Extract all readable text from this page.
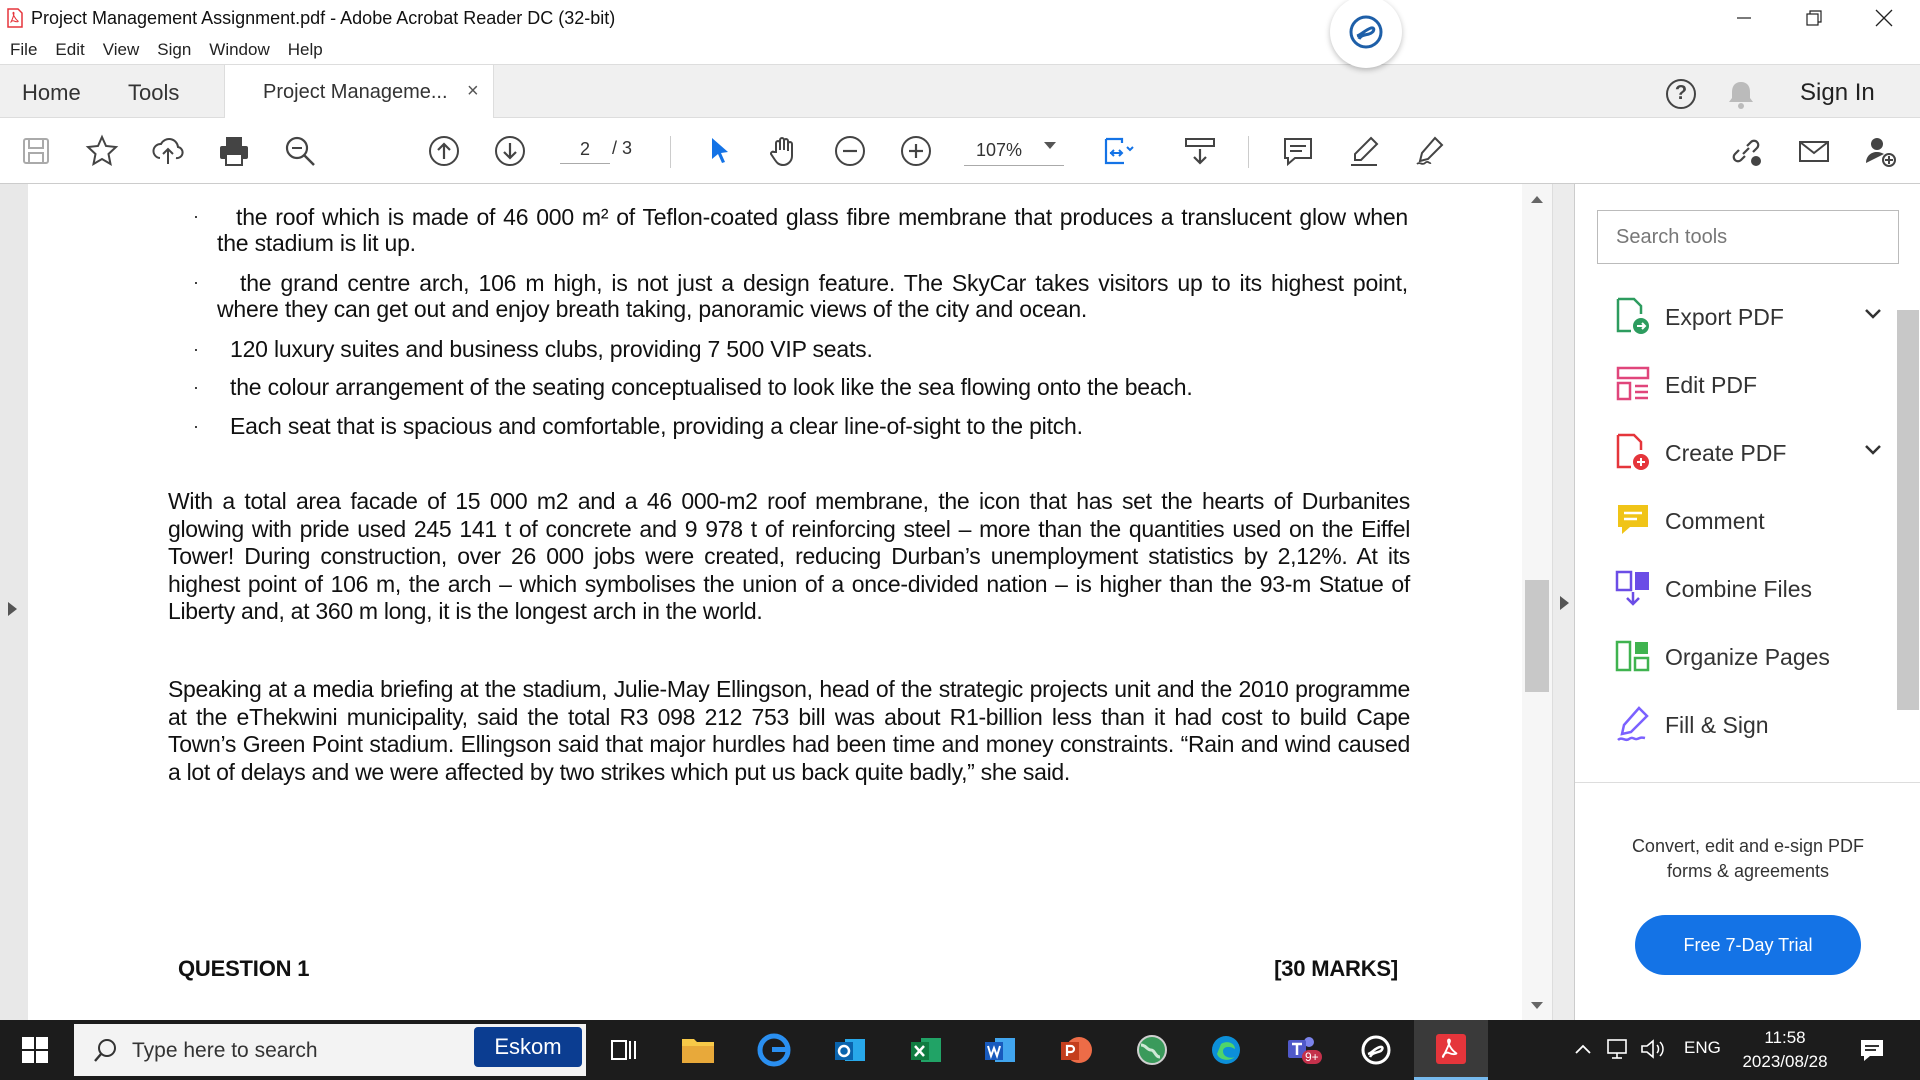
Project Management Assignment.pdf - Adobe Acrobat Reader DC (32-bit)
File Edit View Sign Window Help
Home Tools	Project Manageme... ×	?	Sign In
2	/ 3	107%
· the roof which is made of 46 000 m² of Teflon-coated glass fibre membrane that produces a translucent glow when
the stadium is lit up.
· the grand centre arch, 106 m high, is not just a design feature. The SkyCar takes visitors up to its highest point,
where they can get out and enjoy breath taking, panoramic views of the city and ocean.
· 120 luxury suites and business clubs, providing 7 500 VIP seats.
· the colour arrangement of the seating conceptualised to look like the sea flowing onto the beach.
· Each seat that is spacious and comfortable, providing a clear line-of-sight to the pitch.
With a total area facade of 15 000 m2 and a 46 000-m2 roof membrane, the icon that has set the hearts of Durbanites glowing with pride used 245 141 t of concrete and 9 978 t of reinforcing steel – more than the quantities used on the Eiffel Tower! During construction, over 26 000 jobs were created, reducing Durban’s unemployment statistics by 2,12%. At its highest point of 106 m, the arch – which symbolises the union of a once-divided nation – is higher than the 93-m Statue of Liberty and, at 360 m long, it is the longest arch in the world.
Speaking at a media briefing at the stadium, Julie-May Ellingson, head of the strategic projects unit and the 2010 programme at the eThekwini municipality, said the total R3 098 212 753 bill was about R1-billion less than it had cost to build Cape Town’s Green Point stadium. Ellingson said that major hurdles had been time and money constraints. “Rain and wind caused a lot of delays and we were affected by two strikes which put us back quite badly,” she said.
QUESTION 1	[30 MARKS]
Search tools
Export PDF
Edit PDF
Create PDF
Comment
Combine Files
Organize Pages
Fill & Sign
Convert, edit and e-sign PDF
forms & agreements
Free 7-Day Trial
Type here to search	Eskom	9+	ENG
11:58
2023/08/28
